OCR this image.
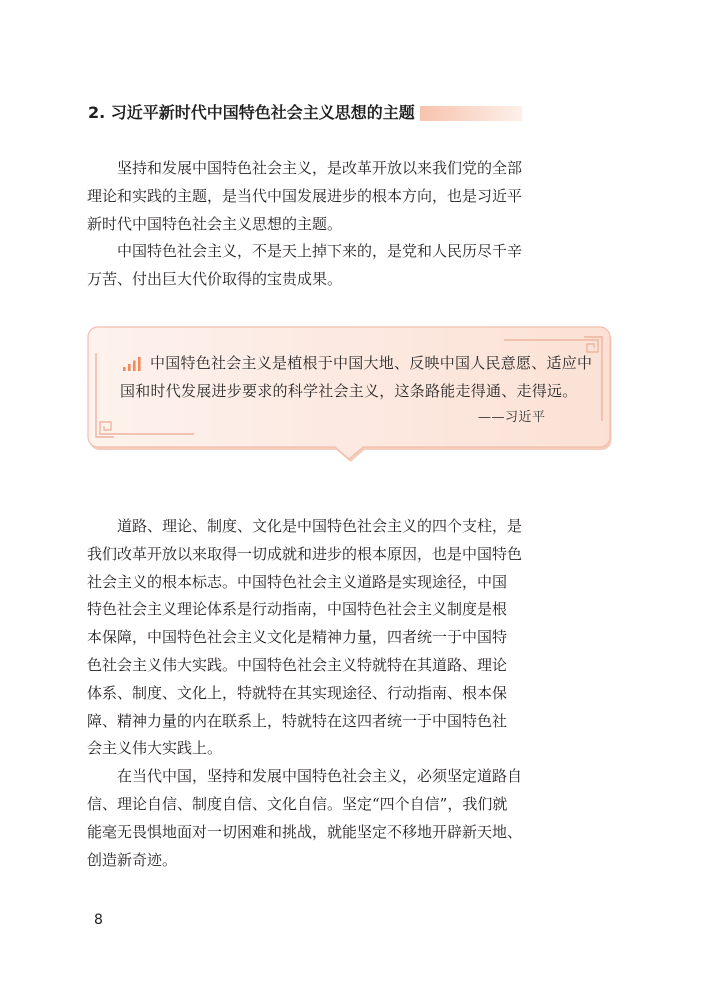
2. 习近平新时代中国特色社会主义思想的主题

坚持和发展中国特色社会主义，是改革开放以来我们党的全部
理论和实践的主题，是当代中国发展进步的根本方向，也是习近平
新时代中国特色社会主义思想的主题。

中国特色社会主义，不是天上掉下来的，是党和人民历尽千辛
万苦、付出巨大代价取得的宝贵成果。

中国特色社会主义是植根于中国大地、反映中国人民意愿、适应中
国和时代发展进步要求的科学社会主义，这条路能走得通、走得远。
——习近平

道路、理论、制度、文化是中国特色社会主义的四个支柱，是
我们改革开放以来取得一切成就和进步的根本原因，也是中国特色
社会主义的根本标志。中国特色社会主义道路是实现途径，中国
特色社会主义理论体系是行动指南，中国特色社会主义制度是根
本保障，中国特色社会主义文化是精神力量，四者统一于中国特
色社会主义伟大实践。中国特色社会主义特就特在其道路、理论
体系、制度、文化上，特就特在其实现途径、行动指南、根本保
障、精神力量的内在联系上，特就特在这四者统一于中国特色社
会主义伟大实践上。

在当代中国，坚持和发展中国特色社会主义，必须坚定道路自
信、理论自信、制度自信、文化自信。坚定“四个自信”，我们就
能毫无畏惧地面对一切困难和挑战，就能坚定不移地开辟新天地、
创造新奇迹。

8
